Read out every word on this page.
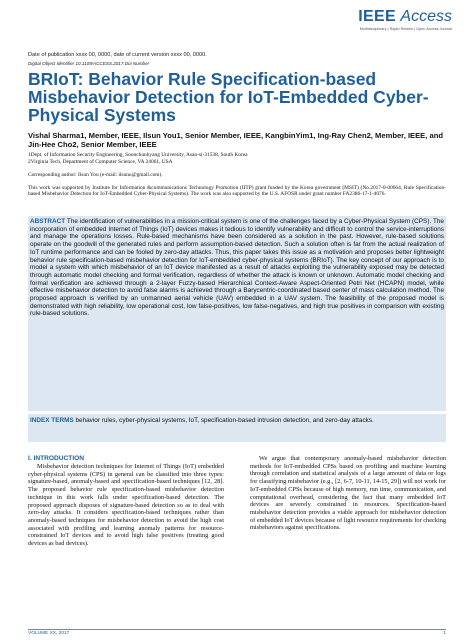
IEEE Access
Multidisciplinary | Rapid Review | Open Access Journal
Date of publication xxxx 00, 0000, date of current version xxxx 00, 0000.
Digital Object Identifier 10.1109/ACCESS.2017.Doi Number
BRIoT: Behavior Rule Specification-based Misbehavior Detection for IoT-Embedded Cyber-Physical Systems
Vishal Sharma1, Member, IEEE, Ilsun You1, Senior Member, IEEE, KangbinYim1, Ing-Ray Chen2, Member, IEEE, and Jin-Hee Cho2, Senior Member, IEEE
1Dept. of Information Security Engineering, Soonchunhyang University, Asan-si-31538, South Korea
2Virginia Tech, Department of Computer Science, VA 24061, USA
Corresponding author: Ilsun You (e-mail: ilsunu@gmail.com).
This work was supported by Institute for Information &communications Technology Promotion (IITP) grant funded by the Korea government (MSIT) (No.2017-0-00664, Rule Specification-based Misbehavior Detection for IoT-Embedded Cyber-Physical Systems). The work was also supported by the U.S. AFOSR under grant number FA2386-17-1-4076.

ABSTRACT The identification of vulnerabilities in a mission-critical system is one of the challenges faced by a Cyber-Physical System (CPS). The incorporation of embedded Internet of Things (IoT) devices makes it tedious to identify vulnerability and difficult to control the service-interruptions and manage the operations losses. Rule-based mechanisms have been considered as a solution in the past. However, rule-based solutions operate on the goodwill of the generated rules and perform assumption-based detection. Such a solution often is far from the actual realization of IoT runtime performance and can be fooled by zero-day attacks. Thus, this paper takes this issue as a motivation and proposes better lightweight behavior rule specification-based misbehavior detection for IoT-embedded cyber-physical systems (BRIoT). The key concept of our approach is to model a system with which misbehavior of an IoT device manifested as a result of attacks exploiting the vulnerability exposed may be detected through automatic model checking and formal verification, regardless of whether the attack is known or unknown. Automatic model checking and formal verification are achieved through a 2-layer Fuzzy-based Hierarchical Context-Aware Aspect-Oriented Petri Net (HCAPN) model, while effective misbehavior detection to avoid false alarms is achieved through a Barycentric-coordinated based center of mass calculation method. The proposed approach is verified by an unmanned aerial vehicle (UAV) embedded in a UAV system. The feasibility of the proposed model is demonstrated with high reliability, low operational cost, low false-positives, low false-negatives, and high true positives in comparison with existing rule-based solutions.

INDEX TERMS behavior rules, cyber-physical systems, IoT, specification-based intrusion detection, and zero-day attacks.

I. INTRODUCTION

Misbehavior detection techniques for Internet of Things (IoT) embedded cyber-physical systems (CPS) in general can be classified into three types: signature-based, anomaly-based and specification-based techniques [12, 28]. The proposed behavior rule specification-based misbehavior detection technique in this work falls under specification-based detection. The proposed approach disposes of signature-based detection so as to deal with zero-day attacks. It considers specification-based techniques rather than anomaly-based techniques for misbehavior detection to avoid the high cost associated with profiling and learning anomaly patterns for resource-constrained IoT devices and to avoid high false positives (treating good devices as bad devices).

We argue that contemporary anomaly-based misbehavior detection methods for IoT-embedded CPSs based on profiling and machine learning through correlation and statistical analysis of a large amount of data or logs for classifying misbehavior (e.g., [2, 6-7, 10-11, 14-15, 29]) will not work for IoT-embedded CPSs because of high memory, run time, communication, and computational overhead, considering the fact that many embedded IoT devices are severely constrained in resources. Specification-based misbehavior detection provides a viable approach for misbehavior detection of embedded IoT devices because of light resource requirements for checking misbehaviors against specifications.

VOLUME XX, 2017	1
